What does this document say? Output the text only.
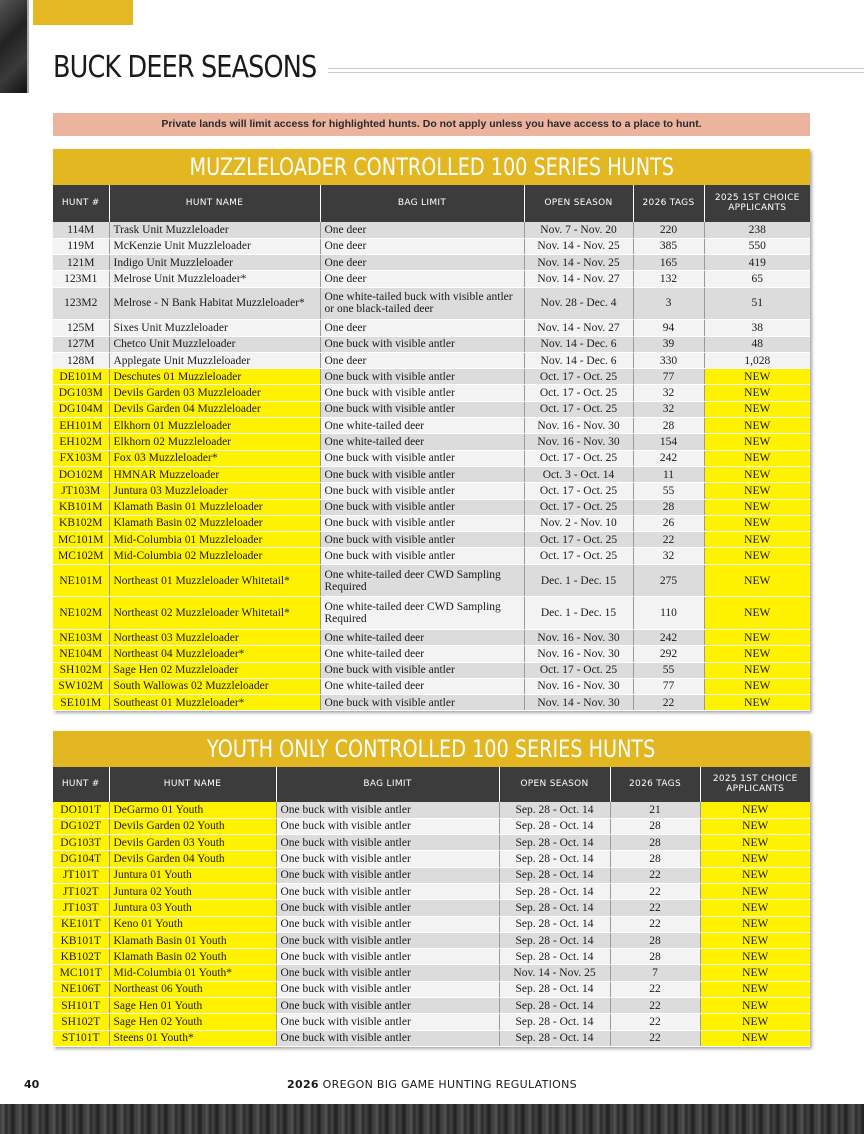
BUCK DEER SEASONS
Private lands will limit access for highlighted hunts. Do not apply unless you have access to a place to hunt.
MUZZLELOADER CONTROLLED 100 SERIES HUNTS
HUNT #	HUNT NAME	BAG LIMIT	OPEN SEASON	2026 TAGS	2025 1ST CHOICE
APPLICANTS
114M	Trask Unit Muzzleloader	One deer	Nov. 7 - Nov. 20	220	238
119M	McKenzie Unit Muzzleloader	One deer	Nov. 14 - Nov. 25	385	550
121M	Indigo Unit Muzzleloader	One deer	Nov. 14 - Nov. 25	165	419
123M1	Melrose Unit Muzzleloader*	One deer	Nov. 14 - Nov. 27	132	65
123M2	Melrose - N Bank Habitat Muzzleloader*	One white-tailed buck with visible antler or one black-tailed deer	Nov. 28 - Dec. 4	3	51
125M	Sixes Unit Muzzleloader	One deer	Nov. 14 - Nov. 27	94	38
127M	Chetco Unit Muzzleloader	One buck with visible antler	Nov. 14 - Dec. 6	39	48
128M	Applegate Unit Muzzleloader	One deer	Nov. 14 - Dec. 6	330	1,028
DE101M	Deschutes 01 Muzzleloader	One buck with visible antler	Oct. 17 - Oct. 25	77	NEW
DG103M	Devils Garden 03 Muzzleloader	One buck with visible antler	Oct. 17 - Oct. 25	32	NEW
DG104M	Devils Garden 04 Muzzleloader	One buck with visible antler	Oct. 17 - Oct. 25	32	NEW
EH101M	Elkhorn 01 Muzzleloader	One white-tailed deer	Nov. 16 - Nov. 30	28	NEW
EH102M	Elkhorn 02 Muzzleloader	One white-tailed deer	Nov. 16 - Nov. 30	154	NEW
FX103M	Fox 03 Muzzleloader*	One buck with visible antler	Oct. 17 - Oct. 25	242	NEW
DO102M	HMNAR Muzzeloader	One buck with visible antler	Oct. 3 - Oct. 14	11	NEW
JT103M	Juntura 03 Muzzleloader	One buck with visible antler	Oct. 17 - Oct. 25	55	NEW
KB101M	Klamath Basin 01 Muzzleloader	One buck with visible antler	Oct. 17 - Oct. 25	28	NEW
KB102M	Klamath Basin 02 Muzzleloader	One buck with visible antler	Nov. 2 - Nov. 10	26	NEW
MC101M	Mid-Columbia 01 Muzzleloader	One buck with visible antler	Oct. 17 - Oct. 25	22	NEW
MC102M	Mid-Columbia 02 Muzzleloader	One buck with visible antler	Oct. 17 - Oct. 25	32	NEW
NE101M	Northeast 01 Muzzleloader Whitetail*	One white-tailed deer CWD Sampling Required	Dec. 1 - Dec. 15	275	NEW
NE102M	Northeast 02 Muzzleloader Whitetail*	One white-tailed deer CWD Sampling Required	Dec. 1 - Dec. 15	110	NEW
NE103M	Northeast 03 Muzzleloader	One white-tailed deer	Nov. 16 - Nov. 30	242	NEW
NE104M	Northeast 04 Muzzleloader*	One white-tailed deer	Nov. 16 - Nov. 30	292	NEW
SH102M	Sage Hen 02 Muzzleloader	One buck with visible antler	Oct. 17 - Oct. 25	55	NEW
SW102M	South Wallowas 02 Muzzleloader	One white-tailed deer	Nov. 16 - Nov. 30	77	NEW
SE101M	Southeast 01 Muzzleloader*	One buck with visible antler	Nov. 14 - Nov. 30	22	NEW
YOUTH ONLY CONTROLLED 100 SERIES HUNTS
HUNT #	HUNT NAME	BAG LIMIT	OPEN SEASON	2026 TAGS	2025 1ST CHOICE
APPLICANTS
DO101T	DeGarmo 01 Youth	One buck with visible antler	Sep. 28 - Oct. 14	21	NEW
DG102T	Devils Garden 02 Youth	One buck with visible antler	Sep. 28 - Oct. 14	28	NEW
DG103T	Devils Garden 03 Youth	One buck with visible antler	Sep. 28 - Oct. 14	28	NEW
DG104T	Devils Garden 04 Youth	One buck with visible antler	Sep. 28 - Oct. 14	28	NEW
JT101T	Juntura 01 Youth	One buck with visible antler	Sep. 28 - Oct. 14	22	NEW
JT102T	Juntura 02 Youth	One buck with visible antler	Sep. 28 - Oct. 14	22	NEW
JT103T	Juntura 03 Youth	One buck with visible antler	Sep. 28 - Oct. 14	22	NEW
KE101T	Keno 01 Youth	One buck with visible antler	Sep. 28 - Oct. 14	22	NEW
KB101T	Klamath Basin 01 Youth	One buck with visible antler	Sep. 28 - Oct. 14	28	NEW
KB102T	Klamath Basin 02 Youth	One buck with visible antler	Sep. 28 - Oct. 14	28	NEW
MC101T	Mid-Columbia 01 Youth*	One buck with visible antler	Nov. 14 - Nov. 25	7	NEW
NE106T	Northeast 06 Youth	One buck with visible antler	Sep. 28 - Oct. 14	22	NEW
SH101T	Sage Hen 01 Youth	One buck with visible antler	Sep. 28 - Oct. 14	22	NEW
SH102T	Sage Hen 02 Youth	One buck with visible antler	Sep. 28 - Oct. 14	22	NEW
ST101T	Steens 01 Youth*	One buck with visible antler	Sep. 28 - Oct. 14	22	NEW
40	2026 OREGON BIG GAME HUNTING REGULATIONS
